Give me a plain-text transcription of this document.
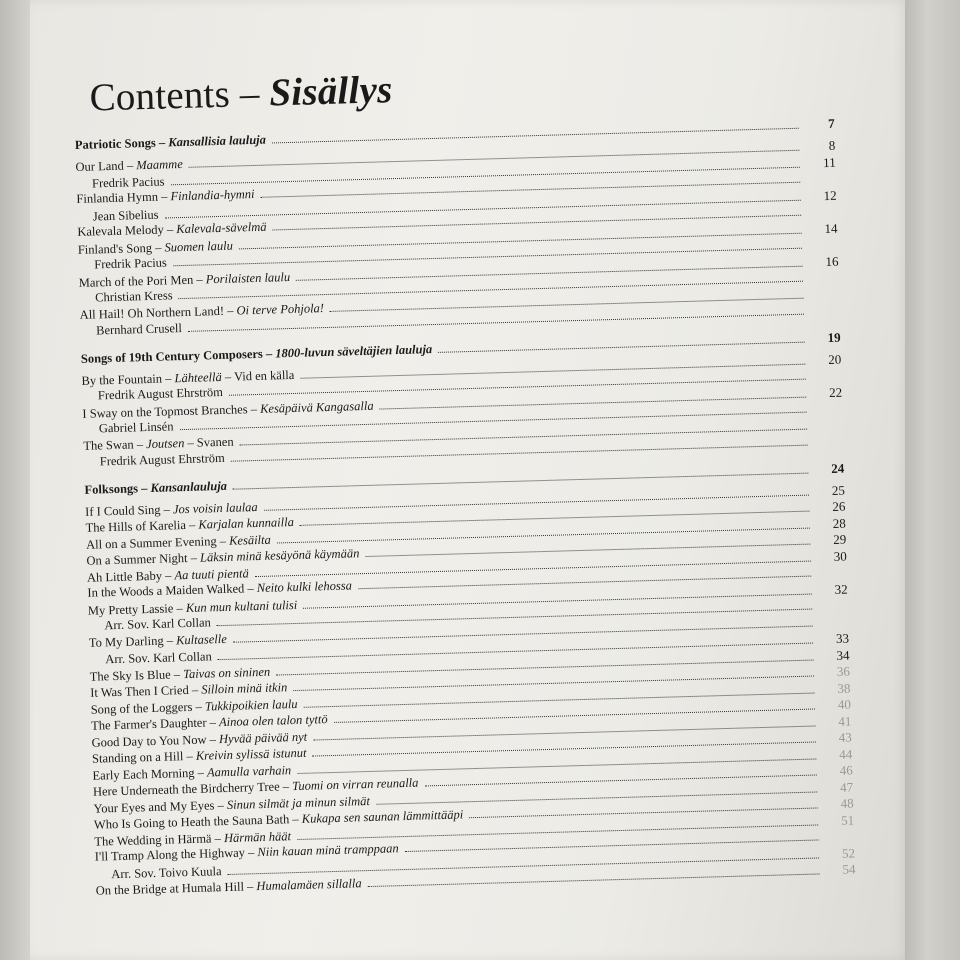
Contents – Sisällys
Patriotic Songs – Kansallisia lauluja
7
Our Land – Maamme
8
Fredrik Pacius
11
Finlandia Hymn – Finlandia-hymni
Jean Sibelius
12
Kalevala Melody – Kalevala-sävelmä
Finland's Song – Suomen laulu
14
Fredrik Pacius
March of the Pori Men – Porilaisten laulu
16
Christian Kress
All Hail! Oh Northern Land! – Oi terve Pohjola!
Bernhard Crusell
Songs of 19th Century Composers – 1800-luvun säveltäjien lauluja
19
By the Fountain – Lähteellä – Vid en källa
20
Fredrik August Ehrström
I Sway on the Topmost Branches – Kesäpäivä Kangasalla
22
Gabriel Linsén
The Swan – Joutsen – Svanen
Fredrik August Ehrström
Folksongs – Kansanlauluja
24
If I Could Sing – Jos voisin laulaa
25
The Hills of Karelia – Karjalan kunnailla
26
All on a Summer Evening – Kesäilta
28
On a Summer Night – Läksin minä kesäyönä käymään
29
Ah Little Baby – Aa tuuti pientä
30
In the Woods a Maiden Walked – Neito kulki lehossa
My Pretty Lassie – Kun mun kultani tulisi
32
Arr. Sov. Karl Collan
To My Darling – Kultaselle
Arr. Sov. Karl Collan
33
The Sky Is Blue – Taivas on sininen
34
It Was Then I Cried – Silloin minä itkin
36
Song of the Loggers – Tukkipoikien laulu
38
The Farmer's Daughter – Ainoa olen talon tyttö
40
Good Day to You Now – Hyvää päivää nyt
41
Standing on a Hill – Kreivin sylissä istunut
43
Early Each Morning – Aamulla varhain
44
Here Underneath the Birdcherry Tree – Tuomi on virran reunalla
46
Your Eyes and My Eyes – Sinun silmät ja minun silmät
47
Who Is Going to Heath the Sauna Bath – Kukapa sen saunan lämmittääpi
48
The Wedding in Härmä – Härmän häät
51
I'll Tramp Along the Highway – Niin kauan minä tramppaan
Arr. Sov. Toivo Kuula
52
On the Bridge at Humala Hill – Humalamäen sillalla
54
